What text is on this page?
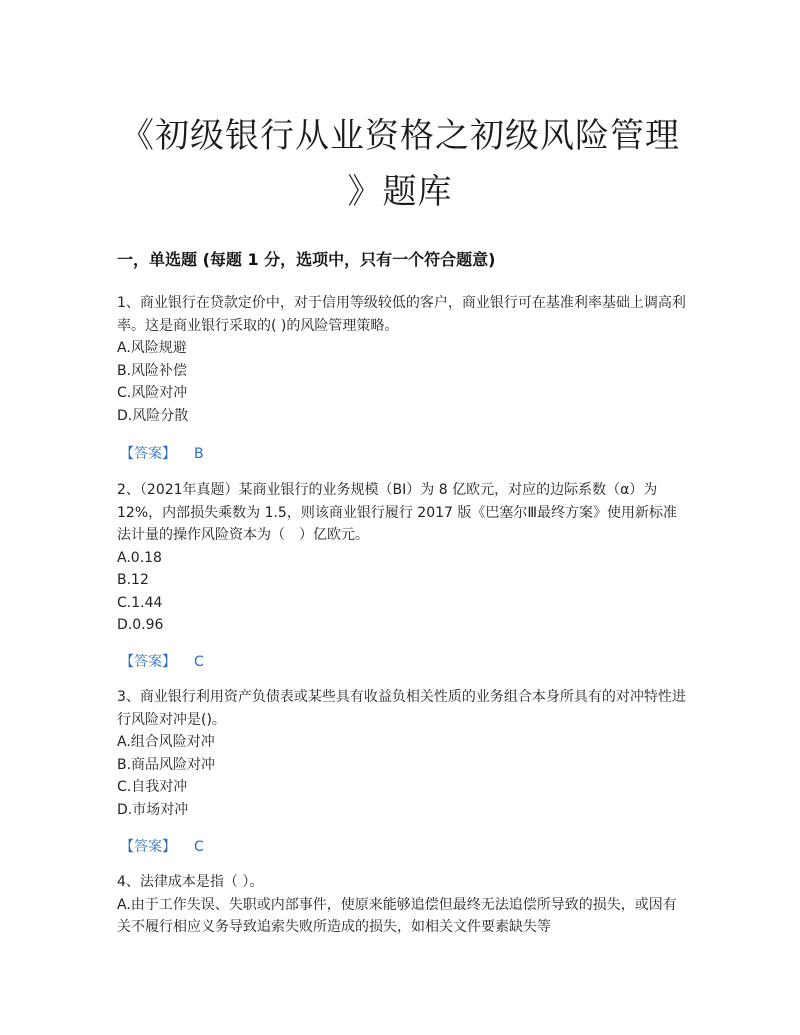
《初级银行从业资格之初级风险管理
》题库
一，单选题 (每题 1 分，选项中，只有一个符合题意)

1、商业银行在贷款定价中，对于信用等级较低的客户，商业银行可在基准利率基础上调高利率。这是商业银行采取的( )的风险管理策略。

A.风险规避

B.风险补偿

C.风险对冲

D.风险分散

【答案】 B

2、（2021年真题）某商业银行的业务规模（BI）为 8 亿欧元，对应的边际系数（α）为12%，内部损失乘数为 1.5，则该商业银行履行 2017 版《巴塞尔Ⅲ最终方案》使用新标准法计量的操作风险资本为（　）亿欧元。

A.0.18

B.12

C.1.44

D.0.96

【答案】 C

3、商业银行利用资产负债表或某些具有收益负相关性质的业务组合本身所具有的对冲特性进行风险对冲是()。

A.组合风险对冲

B.商品风险对冲

C.自我对冲

D.市场对冲

【答案】 C

4、法律成本是指（ ）。

A.由于工作失误、失职或内部事件，使原来能够追偿但最终无法追偿所导致的损失，或因有关不履行相应义务导致追索失败所造成的损失，如相关文件要素缺失等
